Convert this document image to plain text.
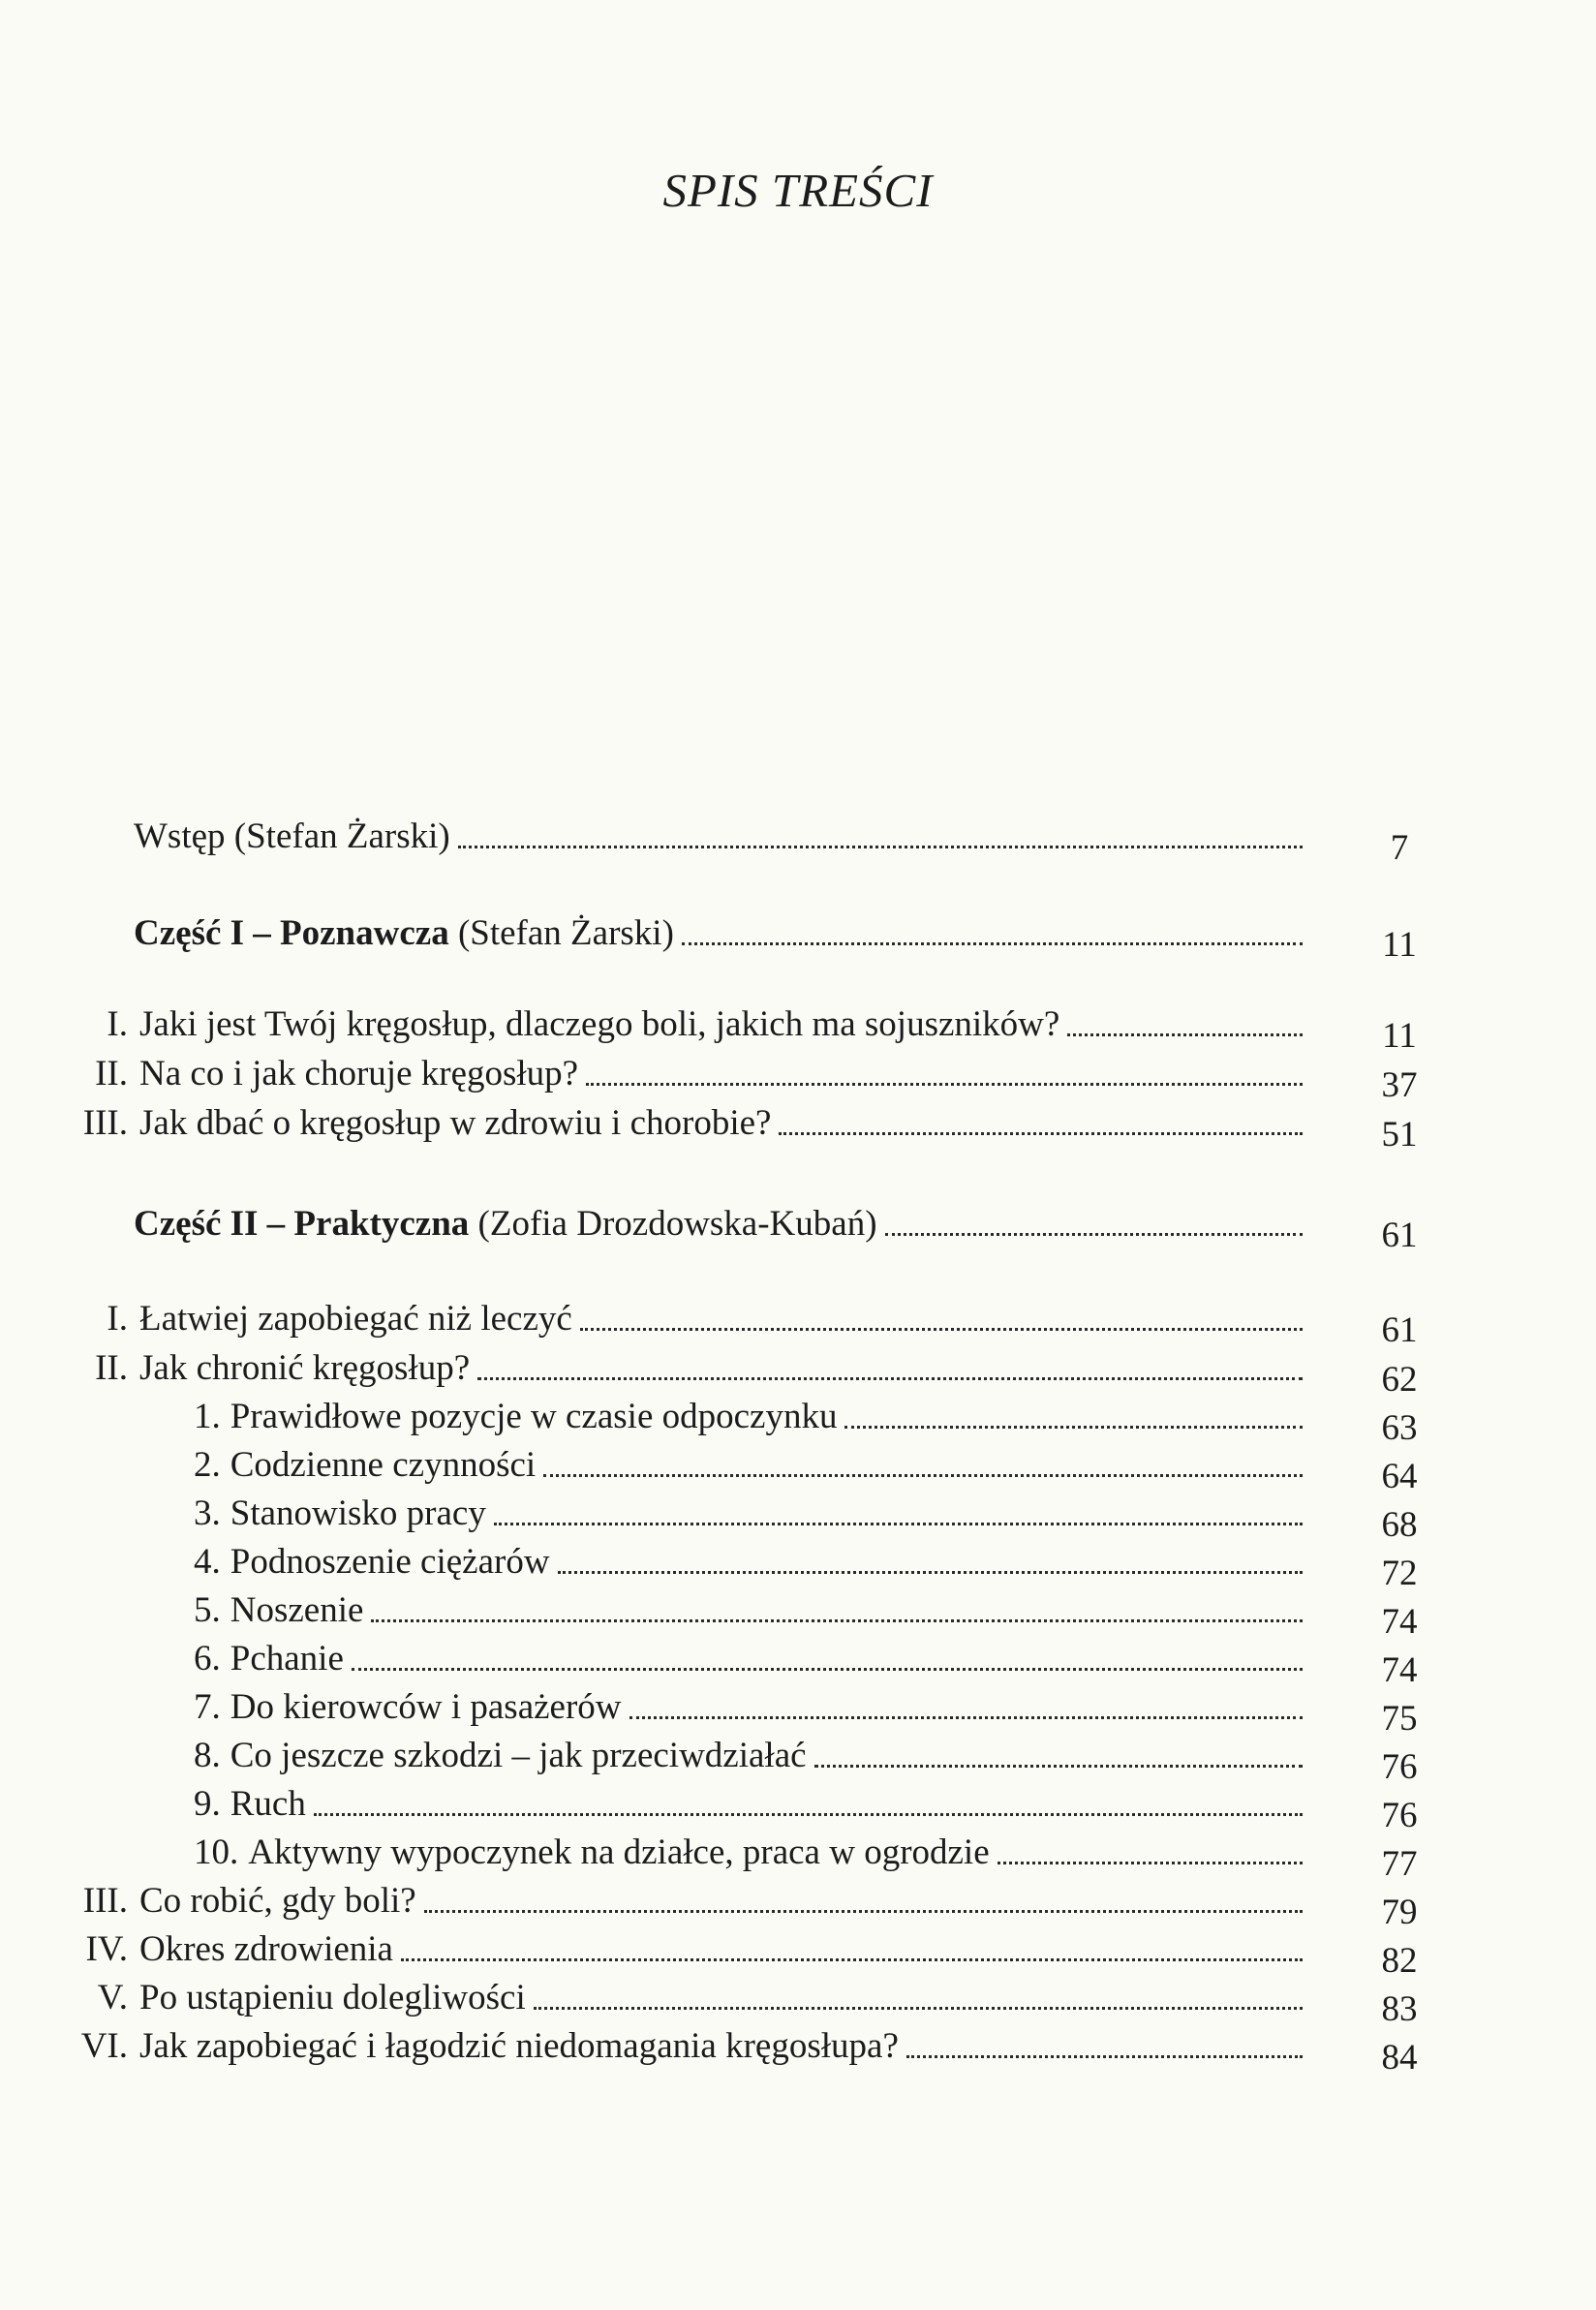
SPIS TREŚCI
Wstęp (Stefan Żarski)	7
Część I – Poznawcza (Stefan Żarski)	11
I. Jaki jest Twój kręgosłup, dlaczego boli, jakich ma sojuszników?	11
II. Na co i jak choruje kręgosłup?	37
III. Jak dbać o kręgosłup w zdrowiu i chorobie?	51
Część II – Praktyczna (Zofia Drozdowska-Kubań)	61
I. Łatwiej zapobiegać niż leczyć	61
II. Jak chronić kręgosłup?	62
1. Prawidłowe pozycje w czasie odpoczynku	63
2. Codzienne czynności	64
3. Stanowisko pracy	68
4. Podnoszenie ciężarów	72
5. Noszenie	74
6. Pchanie	74
7. Do kierowców i pasażerów	75
8. Co jeszcze szkodzi – jak przeciwdziałać	76
9. Ruch	76
10. Aktywny wypoczynek na działce, praca w ogrodzie	77
III. Co robić, gdy boli?	79
IV. Okres zdrowienia	82
V. Po ustąpieniu dolegliwości	83
VI. Jak zapobiegać i łagodzić niedomagania kręgosłupa?	84
